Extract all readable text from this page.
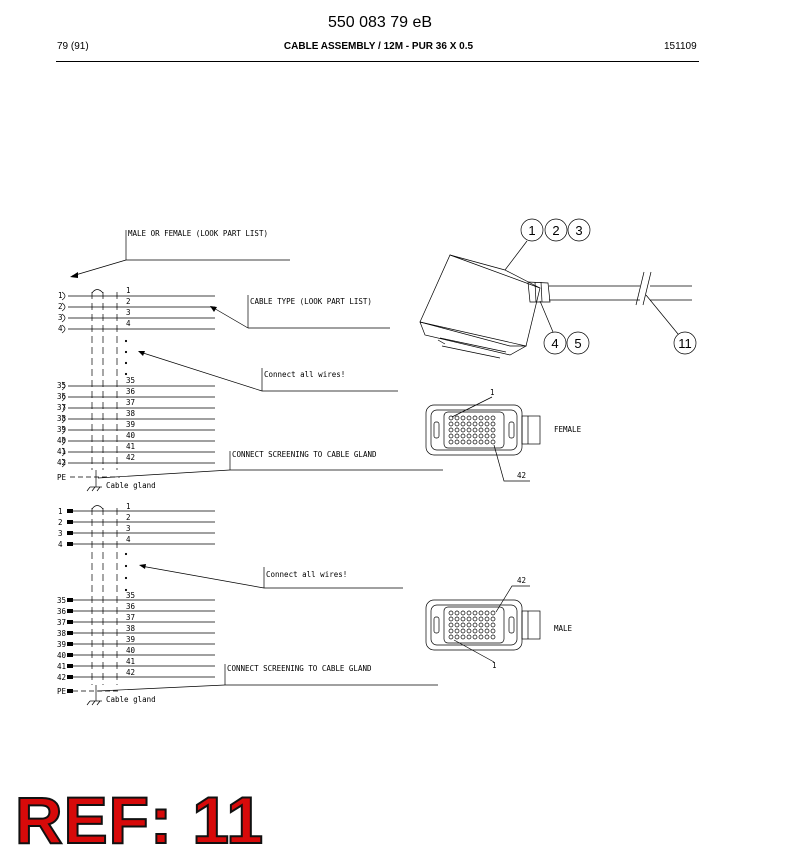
550 083 79 eB
79 (91)	CABLE ASSEMBLY / 12M - PUR 36 X 0.5	151109
MALE OR FEMALE (LOOK PART LIST)
1
2
3
4
1
2
3
4
35
36
37
38
39
40
41
42
35
36
37
38
39
40
41
42
PE
Cable gland
CABLE TYPE (LOOK PART LIST)
Connect all wires!
CONNECT SCREENING TO CABLE GLAND
1
2
3
4
1
2
3
4
35
36
37
38
39
40
41
42
35
36
37
38
39
40
41
42
PE
Cable gland
Connect all wires!
CONNECT SCREENING TO CABLE GLAND
1 2 3
4 5	11
1
42
FEMALE
42
1
MALE
REF: 11
